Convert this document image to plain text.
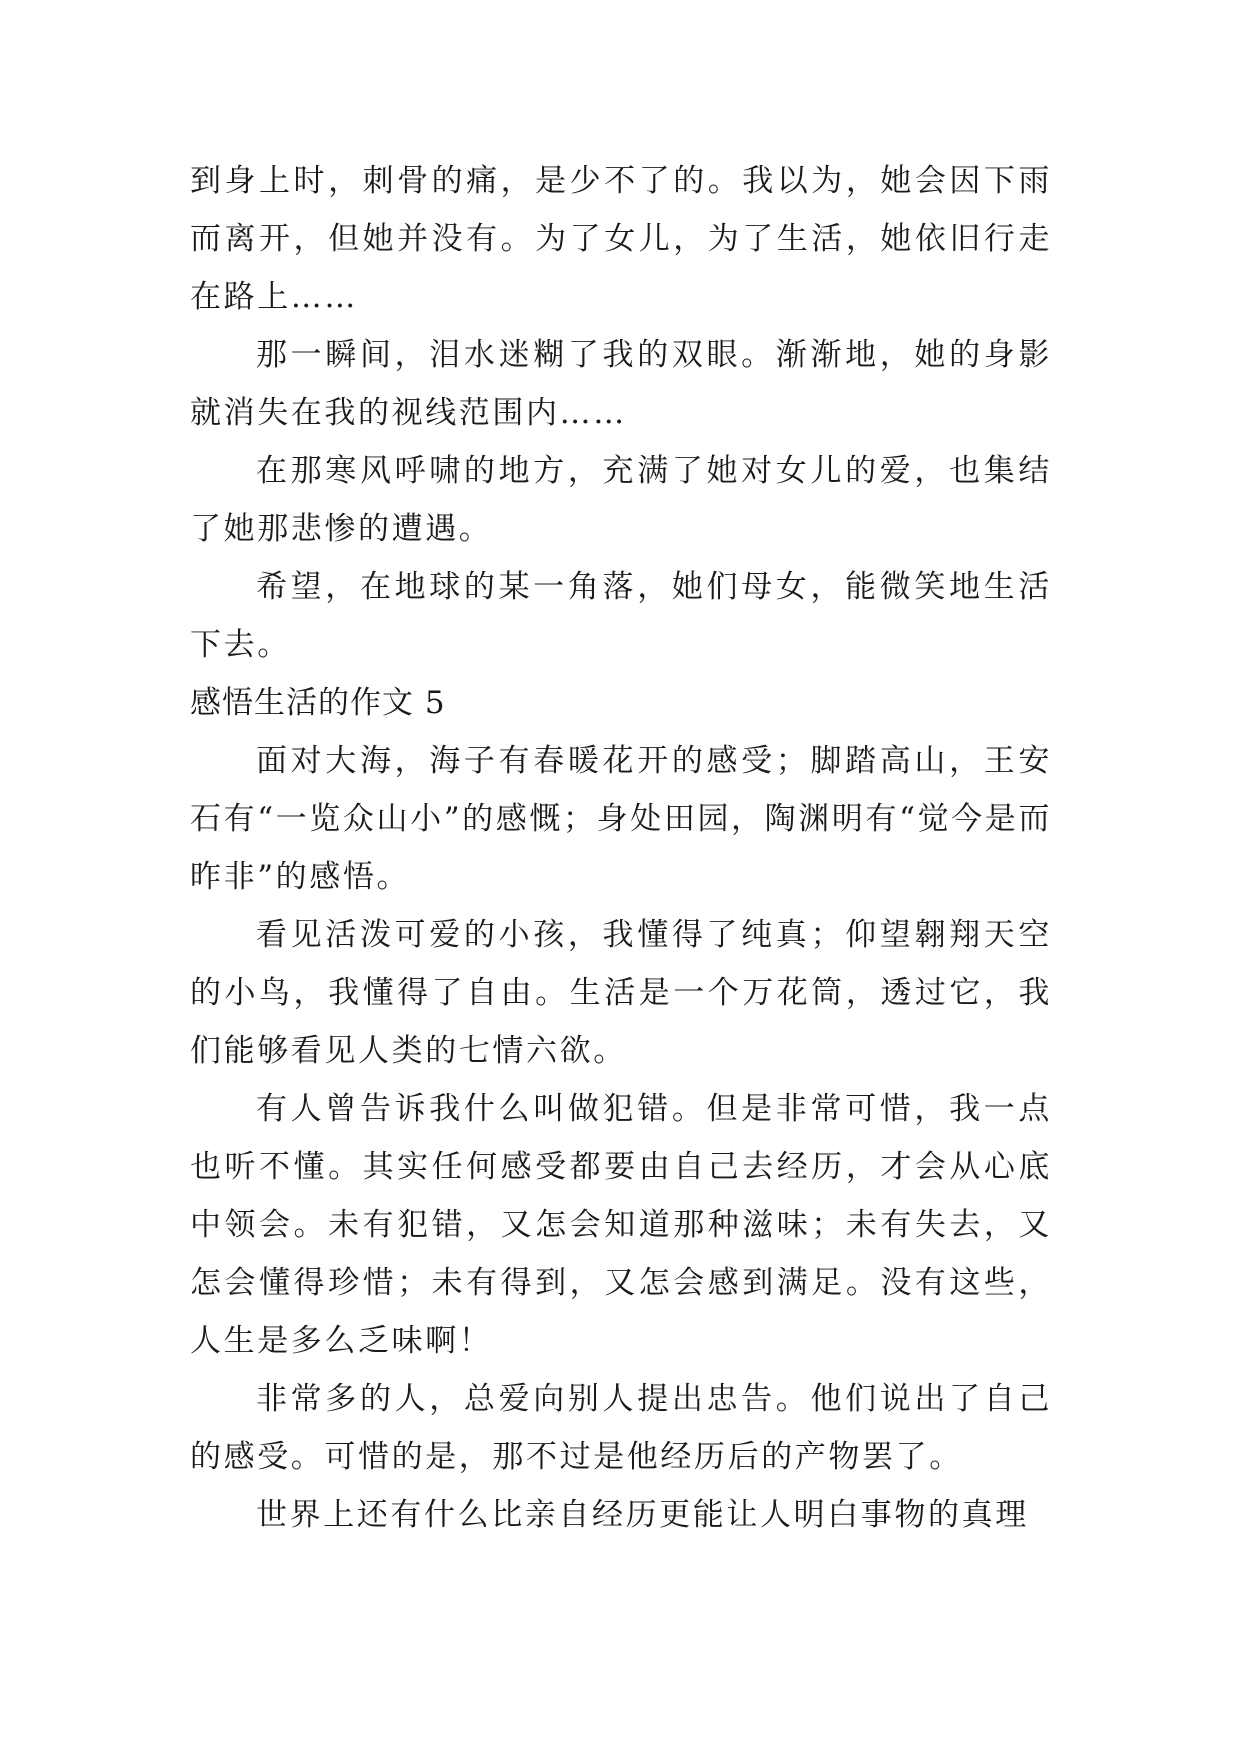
到身上时，刺骨的痛，是少不了的。我以为，她会因下雨而离开，但她并没有。为了女儿，为了生活，她依旧行走在路上……

那一瞬间，泪水迷糊了我的双眼。渐渐地，她的身影就消失在我的视线范围内……

在那寒风呼啸的地方，充满了她对女儿的爱，也集结了她那悲惨的遭遇。

希望，在地球的某一角落，她们母女，能微笑地生活下去。

感悟生活的作文 5

面对大海，海子有春暖花开的感受；脚踏高山，王安石有“一览众山小”的感慨；身处田园，陶渊明有“觉今是而昨非”的感悟。

看见活泼可爱的小孩，我懂得了纯真；仰望翱翔天空的小鸟，我懂得了自由。生活是一个万花筒，透过它，我们能够看见人类的七情六欲。

有人曾告诉我什么叫做犯错。但是非常可惜，我一点也听不懂。其实任何感受都要由自己去经历，才会从心底中领会。未有犯错，又怎会知道那种滋味；未有失去，又怎会懂得珍惜；未有得到，又怎会感到满足。没有这些，人生是多么乏味啊！

非常多的人，总爱向别人提出忠告。他们说出了自己的感受。可惜的是，那不过是他经历后的产物罢了。

世界上还有什么比亲自经历更能让人明白事物的真理
